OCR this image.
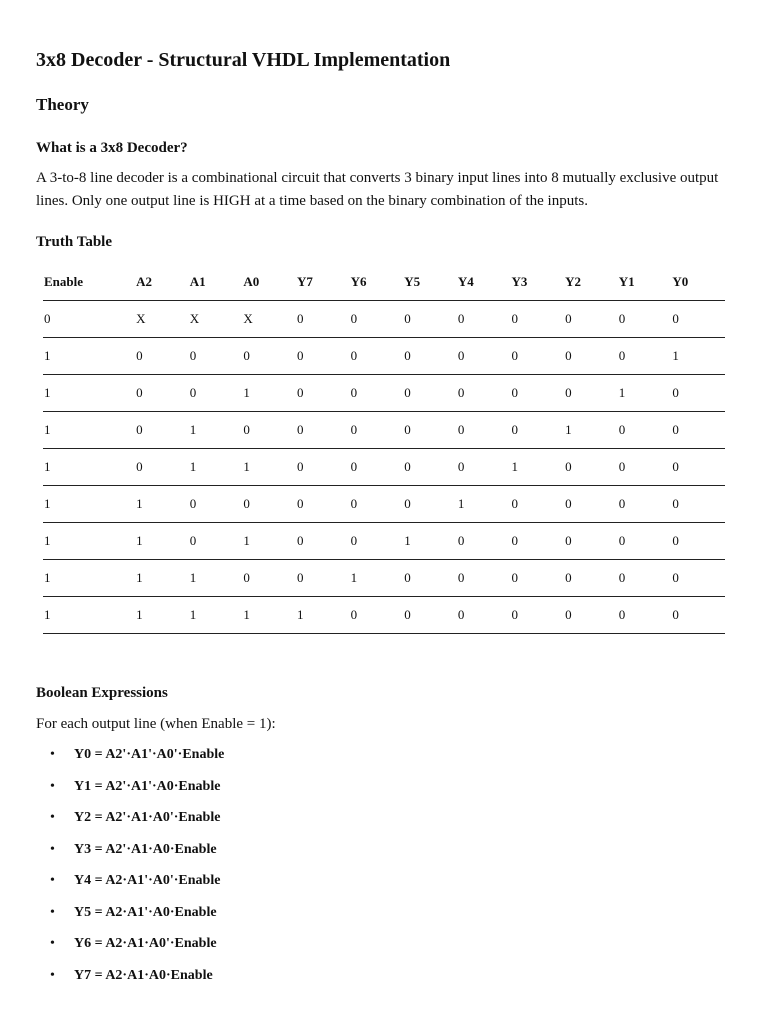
3x8 Decoder - Structural VHDL Implementation
Theory
What is a 3x8 Decoder?

A 3-to-8 line decoder is a combinational circuit that converts 3 binary input lines into 8 mutually exclusive output lines. Only one output line is HIGH at a time based on the binary combination of the inputs.

Truth Table
Enable	A2	A1	A0	Y7	Y6	Y5	Y4	Y3	Y2	Y1	Y0
0	X	X	X	0	0	0	0	0	0	0	0
1	0	0	0	0	0	0	0	0	0	0	1
1	0	0	1	0	0	0	0	0	0	1	0
1	0	1	0	0	0	0	0	0	1	0	0
1	0	1	1	0	0	0	0	1	0	0	0
1	1	0	0	0	0	0	1	0	0	0	0
1	1	0	1	0	0	1	0	0	0	0	0
1	1	1	0	0	1	0	0	0	0	0	0
1	1	1	1	1	0	0	0	0	0	0	0
Boolean Expressions

For each output line (when Enable = 1):

• Y0 = A2'·A1'·A0'·Enable
• Y1 = A2'·A1'·A0·Enable
• Y2 = A2'·A1·A0'·Enable
• Y3 = A2'·A1·A0·Enable
• Y4 = A2·A1'·A0'·Enable
• Y5 = A2·A1'·A0·Enable
• Y6 = A2·A1·A0'·Enable
• Y7 = A2·A1·A0·Enable
